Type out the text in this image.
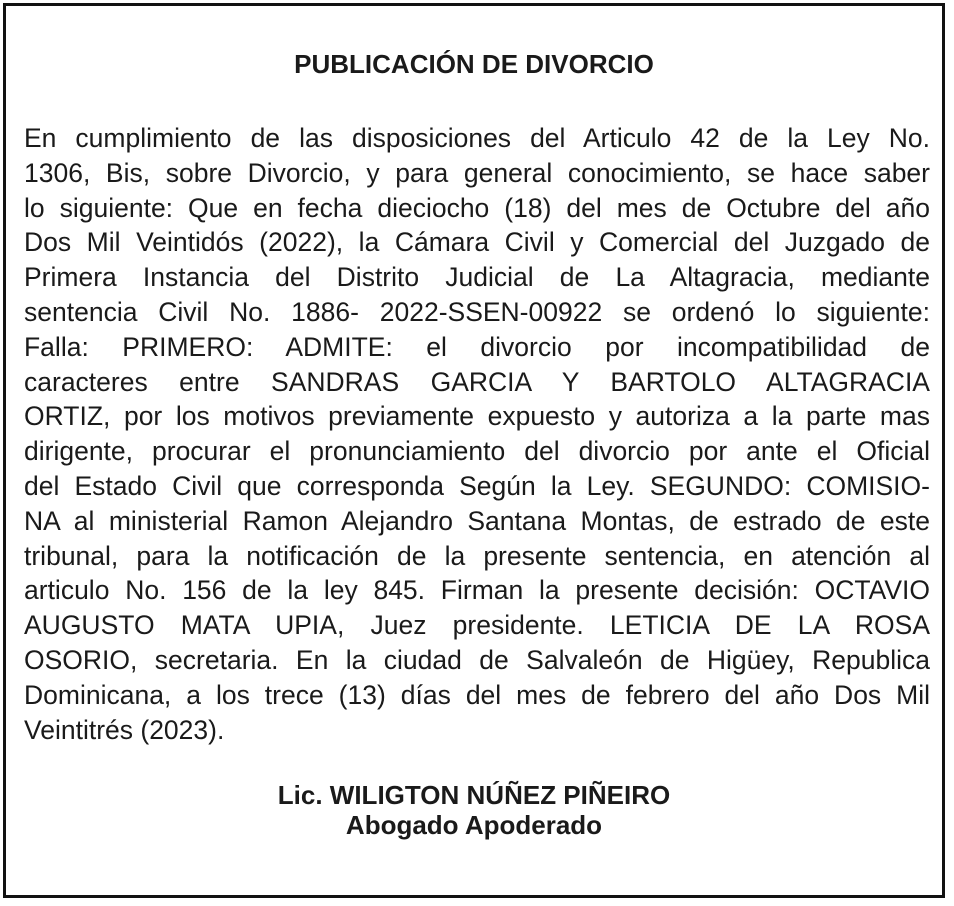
PUBLICACIÓN DE DIVORCIO
En cumplimiento de las disposiciones del Articulo 42 de la Ley No.
1306, Bis, sobre Divorcio, y para general conocimiento, se hace saber
lo siguiente: Que en fecha dieciocho (18) del mes de Octubre del año
Dos Mil Veintidós (2022), la Cámara Civil y Comercial del Juzgado de
Primera Instancia del Distrito Judicial de La Altagracia, mediante
sentencia Civil No. 1886- 2022-SSEN-00922 se ordenó lo siguiente:
Falla: PRIMERO: ADMITE: el divorcio por incompatibilidad de
caracteres entre SANDRAS GARCIA Y BARTOLO ALTAGRACIA
ORTIZ, por los motivos previamente expuesto y autoriza a la parte mas
dirigente, procurar el pronunciamiento del divorcio por ante el Oficial
del Estado Civil que corresponda Según la Ley. SEGUNDO: COMISIO-
NA al ministerial Ramon Alejandro Santana Montas, de estrado de este
tribunal, para la notificación de la presente sentencia, en atención al
articulo No. 156 de la ley 845. Firman la presente decisión: OCTAVIO
AUGUSTO MATA UPIA, Juez presidente. LETICIA DE LA ROSA
OSORIO, secretaria. En la ciudad de Salvaleón de Higüey, Republica
Dominicana, a los trece (13) días del mes de febrero del año Dos Mil
Veintitrés (2023).

Lic. WILIGTON NÚÑEZ PIÑEIRO

Abogado Apoderado
